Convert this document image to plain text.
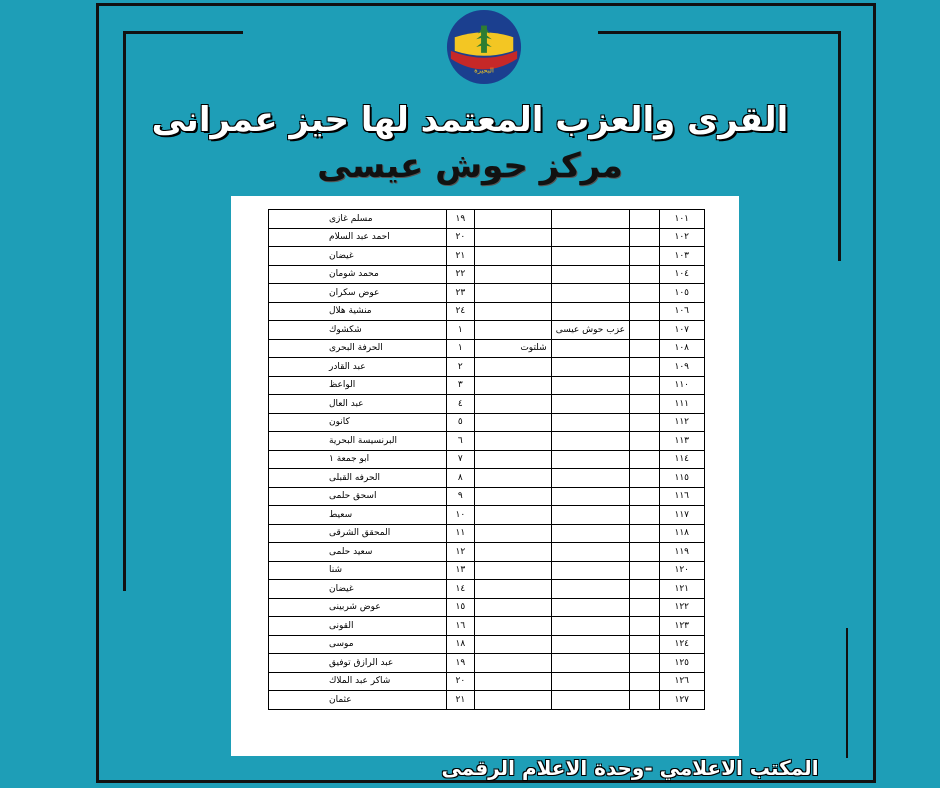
البحيرة
القرى والعزب المعتمد لها حيز عمرانى
مركز حوش عيسى
١٠١				١٩	مسلم غازى
١٠٢				٢٠	احمد عبد السلام
١٠٣				٢١	غيضان
١٠٤				٢٢	محمد شومان
١٠٥				٢٣	عوض سكران
١٠٦				٢٤	منشية هلال
١٠٧		عزب حوش عيسى		١	شكشوك
١٠٨			شلتوت	١	الحرفة البحرى
١٠٩				٢	عبد القادر
١١٠				٣	الواعظ
١١١				٤	عبد العال
١١٢				٥	كانون
١١٣				٦	البرنسيسة البحرية
١١٤				٧	ابو جمعة ١
١١٥				٨	الحرفه القبلى
١١٦				٩	اسحق حلمى
١١٧				١٠	سعيط
١١٨				١١	المحقق الشرقى
١١٩				١٢	سعيد حلمى
١٢٠				١٣	شنا
١٢١				١٤	غيضان
١٢٢				١٥	عوض شربينى
١٢٣				١٦	القونى
١٢٤				١٨	موسى
١٢٥				١٩	عبد الرازق توفيق
١٢٦				٢٠	شاكر عبد الملاك
١٢٧				٢١	عثمان
المكتب الاعلامي -وحدة الاعلام الرقمى
